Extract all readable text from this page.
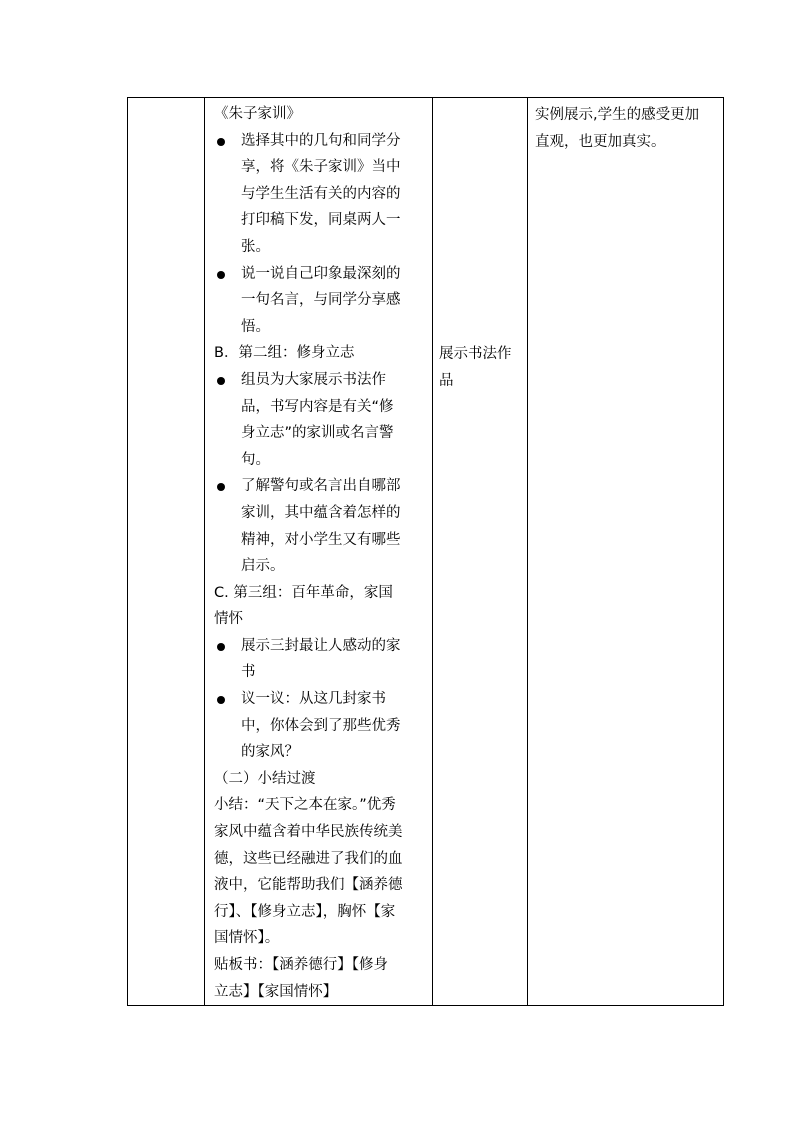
《朱子家训》
选择其中的几句和同学分
享，将《朱子家训》当中
与学生生活有关的内容的
打印稿下发，同桌两人一
张。
说一说自己印象最深刻的
一句名言，与同学分享感
悟。
B．第二组：修身立志
组员为大家展示书法作
品，书写内容是有关“修
身立志”的家训或名言警
句。
了解警句或名言出自哪部
家训，其中蕴含着怎样的
精神，对小学生又有哪些
启示。
C. 第三组：百年革命，家国
情怀
展示三封最让人感动的家
书
议一议：从这几封家书
中，你体会到了那些优秀
的家风？
（二）小结过渡
小结：“天下之本在家。”优秀
家风中蕴含着中华民族传统美
德，这些已经融进了我们的血
液中，它能帮助我们【涵养德
行】、【修身立志】，胸怀【家
国情怀】。
贴板书：【涵养德行】【修身
立志】【家国情怀】

展示书法作
品

实例展示,学生的感受更加
直观，也更加真实。
